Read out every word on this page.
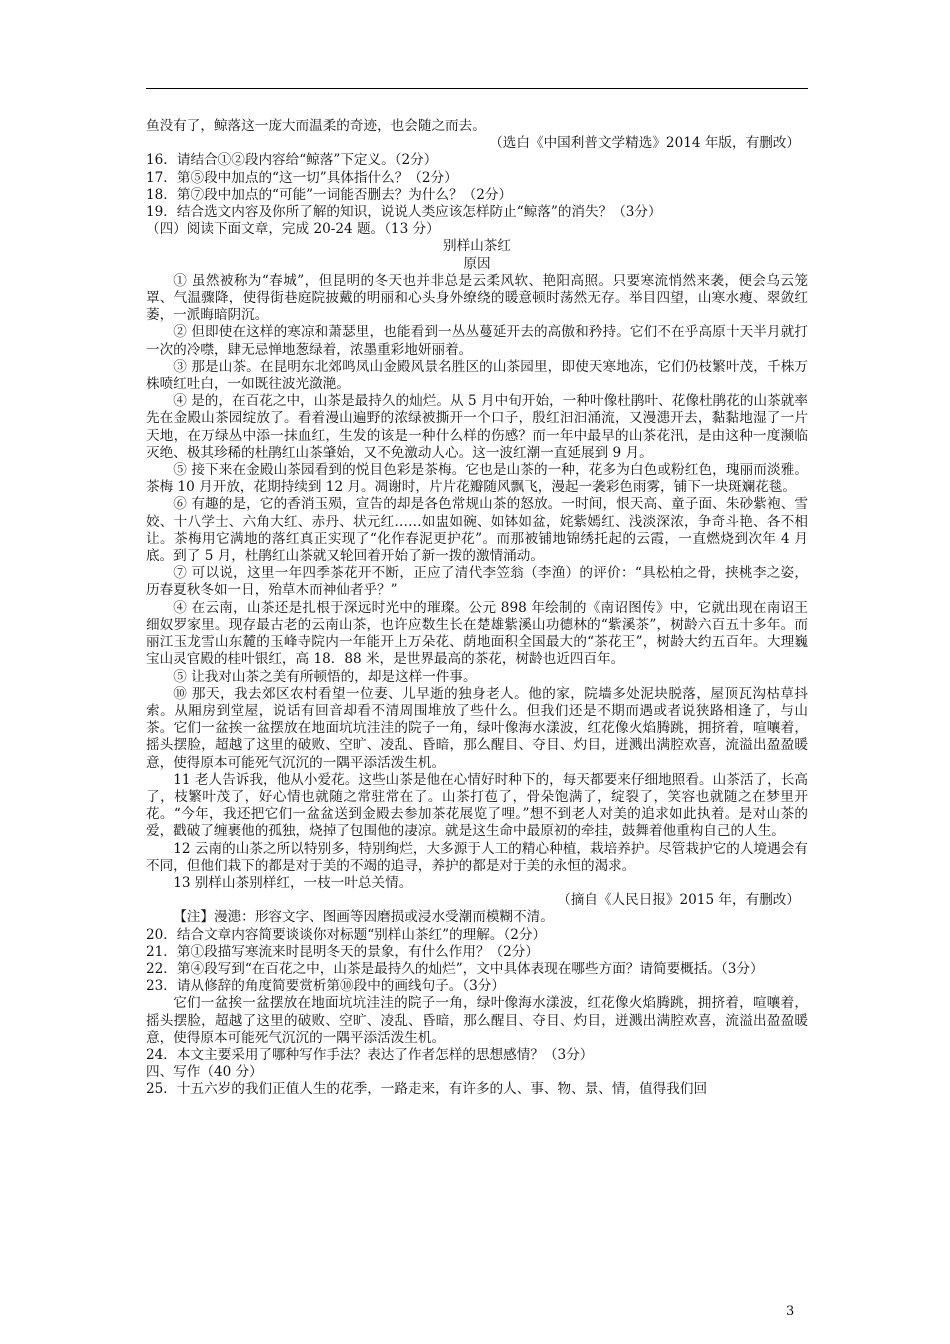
鱼没有了，鲸落这一庞大而温柔的奇迹，也会随之而去。

（选白《中国利普文学精选》2014 年版，有删改）

16．请结合①②段内容给“鲸落”下定义。（2分）

17．第⑤段中加点的“这一切”具体指什么？（2分）

18．第⑦段中加点的“可能”一词能否删去？为什么？（2分）

19．结合选文内容及你所了解的知识，说说人类应该怎样防止“鲸落”的消失？（3分）

（四）阅读下面文章，完成 20-24 题。（13 分）

别样山茶红

原因

① 虽然被称为“春城”，但昆明的冬天也并非总是云柔风软、艳阳高照。只要寒流悄然来袭，便会乌云笼罩、气温骤降，使得街巷庭院披戴的明丽和心头身外缭绕的暖意顿时荡然无存。举目四望，山寒水瘦、翠敛红萎，一派晦暗阴沉。

② 但即使在这样的寒凉和萧瑟里，也能看到一丛丛蔓延开去的高傲和矜持。它们不在乎高原十天半月就打一次的冷噤，肆无忌惮地葱绿着，浓墨重彩地妍丽着。

③ 那是山茶。在昆明东北郊鸣凤山金殿风景名胜区的山茶园里，即使天寒地冻，它们仍枝繁叶茂，千株万株喷红吐白，一如既往波光潋滟。

④ 是的，在百花之中，山茶是最持久的灿烂。从 5 月中旬开始，一种叶像杜鹃叶、花像杜鹃花的山茶就率先在金殿山茶园绽放了。看着漫山遍野的浓绿被撕开一个口子，殷红汩汩涌流，又漫漶开去，黏黏地湿了一片天地，在万绿丛中添一抹血红，生发的该是一种什么样的伤感？而一年中最早的山茶花汛，是由这种一度濒临灭绝、极其珍稀的杜鹃红山茶肇始，又不免激动人心。这一波红潮一直延展到 9 月。

⑤ 接下来在金殿山茶园看到的悦目色彩是茶梅。它也是山茶的一种，花多为白色或粉红色，瑰丽而淡雅。茶梅 10 月开放，花期持续到 12 月。凋谢时，片片花瓣随风飘飞，漫起一袭彩色雨雾，铺下一块斑斓花毯。

⑥ 有趣的是，它的香消玉殒，宣告的却是各色常规山茶的怒放。一时间，恨天高、童子面、朱砂紫袍、雪姣、十八学士、六角大红、赤丹、状元红……如盅如碗、如钵如盆，姹紫嫣红、浅淡深浓，争奇斗艳、各不相让。茶梅用它满地的落红真正实现了“化作春泥更护花”。而那被铺地锦绣托起的云霞，一直燃烧到次年 4 月底。到了 5 月，杜鹃红山茶就又轮回着开始了新一拨的激情涌动。

⑦ 可以说，这里一年四季茶花开不断，正应了清代李笠翁（李渔）的评价：“具松柏之骨，挟桃李之姿，历春夏秋冬如一日，殆草木而神仙者乎？”

④ 在云南，山茶还是扎根于深远时光中的璀璨。公元 898 年绘制的《南诏图传》中，它就出现在南诏王细奴罗家里。现存最古老的云南山茶，也许应数生长在楚雄紫溪山功德林的“紫溪茶”，树龄六百五十多年。而丽江玉龙雪山东麓的玉峰寺院内一年能开上万朵花、荫地面积全国最大的“茶花王”，树龄大约五百年。大理巍宝山灵官殿的桂叶银红，高 18．88 米，是世界最高的茶花，树龄也近四百年。

⑤ 让我对山茶之美有所顿悟的，却是这样一件事。

⑩ 那天，我去郊区农村看望一位妻、儿早逝的独身老人。他的家，院墙多处泥块脱落，屋顶瓦沟枯草抖索。从厢房到堂屋，说话有回音却看不清周围堆放了些什么。但我们还是不期而遇或者说狭路相逢了，与山茶。它们一盆挨一盆摆放在地面坑坑洼洼的院子一角，绿叶像海水漾波，红花像火焰腾跳，拥挤着，喧嚷着，摇头摆脸，超越了这里的破败、空旷、凌乱、昏暗，那么醒目、夺目、灼目，迸溅出满腔欢喜，流溢出盈盈暖意，使得原本可能死气沉沉的一隅平添活泼生机。

11 老人告诉我，他从小爱花。这些山茶是他在心情好时种下的，每天都要来仔细地照看。山茶活了，长高了，枝繁叶茂了，好心情也就随之常驻常在了。山茶打苞了，骨朵饱满了，绽裂了，笑容也就随之在梦里开花。“今年，我还把它们一盆盆送到金殿去参加茶花展览了哩。”想不到老人对美的追求如此执着。是对山茶的爱，戳破了缠裹他的孤独，烧掉了包围他的凄凉。就是这生命中最原初的牵挂，鼓舞着他重构自己的人生。

12 云南的山茶之所以特别多，特别绚烂，大多源于人工的精心种植，栽培养护。尽管栽护它的人境遇会有不同，但他们栽下的都是对于美的不竭的追寻，养护的都是对于美的永恒的渴求。

13 别样山茶别样红，一枝一叶总关情。

（摘自《人民日报》2015 年，有删改）

【注】漫漶：形容文字、图画等因磨损或浸水受潮而模糊不清。

20．结合文章内容简要谈谈你对标题“别样山茶红”的理解。（2分）

21．第①段描写寒流来时昆明冬天的景象，有什么作用？（2分）

22．第④段写到“在百花之中，山茶是最持久的灿烂”，文中具体表现在哪些方面？请简要概括。（3分）

23．请从修辞的角度简要赏析第⑩段中的画线句子。（3分）

它们一盆挨一盆摆放在地面坑坑洼洼的院子一角，绿叶像海水漾波，红花像火焰腾跳，拥挤着，喧嚷着，摇头摆脸，超越了这里的破败、空旷、凌乱、昏暗，那么醒目、夺目、灼目，迸溅出满腔欢喜，流溢出盈盈暖意，使得原本可能死气沉沉的一隅平添活泼生机。

24．本文主要采用了哪种写作手法？表达了作者怎样的思想感情？（3分）

四、写作（40 分）

25．十五六岁的我们正值人生的花季，一路走来，有许多的人、事、物、景、情，值得我们回

3
